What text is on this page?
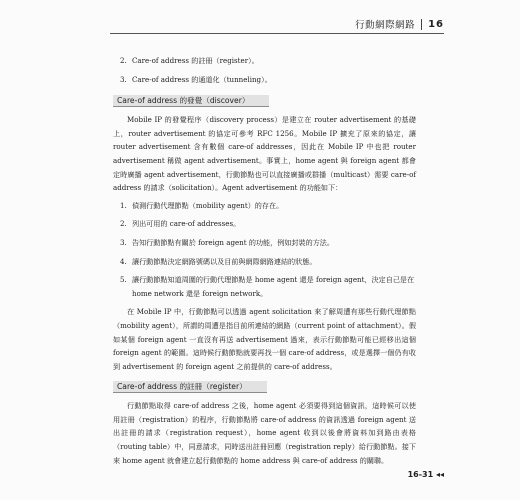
行動網際網路	16
2. Care-of address 的註冊（register）。
3. Care-of address 的通道化（tunneling）。
Care-of address 的發覺（discover）

Mobile IP 的發覺程序（discovery process）是建立在 router advertisement 的基礎上，router advertisement 的協定可參考 RFC 1256。Mobile IP 擴充了原來的協定，讓 router advertisement 含有數個 care-of addresses，因此在 Mobile IP 中也把 router advertisement 稱做 agent advertisement。事實上，home agent 與 foreign agent 都會定時廣播 agent advertisement，行動節點也可以直接廣播或群播（multicast）需要 care-of address 的請求（solicitation）。Agent advertisement 的功能如下：

1. 偵測行動代理節點（mobility agent）的存在。
2. 列出可用的 care-of addresses。
3. 告知行動節點有關於 foreign agent 的功能，例如封裝的方法。
4. 讓行動節點決定網路號碼以及目前與網際網路連結的狀態。
5. 讓行動節點知道周圍的行動代理節點是 home agent 還是 foreign agent，決定自己是在 home network 還是 foreign network。

在 Mobile IP 中，行動節點可以透過 agent solicitation 來了解周遭有那些行動代理節點（mobility agent），所謂的周遭是指目前所連結的網路（current point of attachment）。假如某個 foreign agent 一直沒有再送 advertisement 過來，表示行動節點可能已經移出這個 foreign agent 的範圍。這時候行動節點就要再找一個 care-of address，或是選擇一個仍有收到 advertisement 的 foreign agent 之前提供的 care-of address。

Care-of address 的註冊（register）

行動節點取得 care-of address 之後，home agent 必須要得到這個資訊，這時候可以使用註冊（registration）的程序，行動節點將 care-of address 的資訊透過 foreign agent 送出註冊的請求（registration request），home agent 收到以後會將資料加到路由表格（routing table）中，同意請求，同時送出註冊回應（registration reply）給行動節點。接下來 home agent 就會建立起行動節點的 home address 與 care-of address 的關聯。

16-31 ◂◂
